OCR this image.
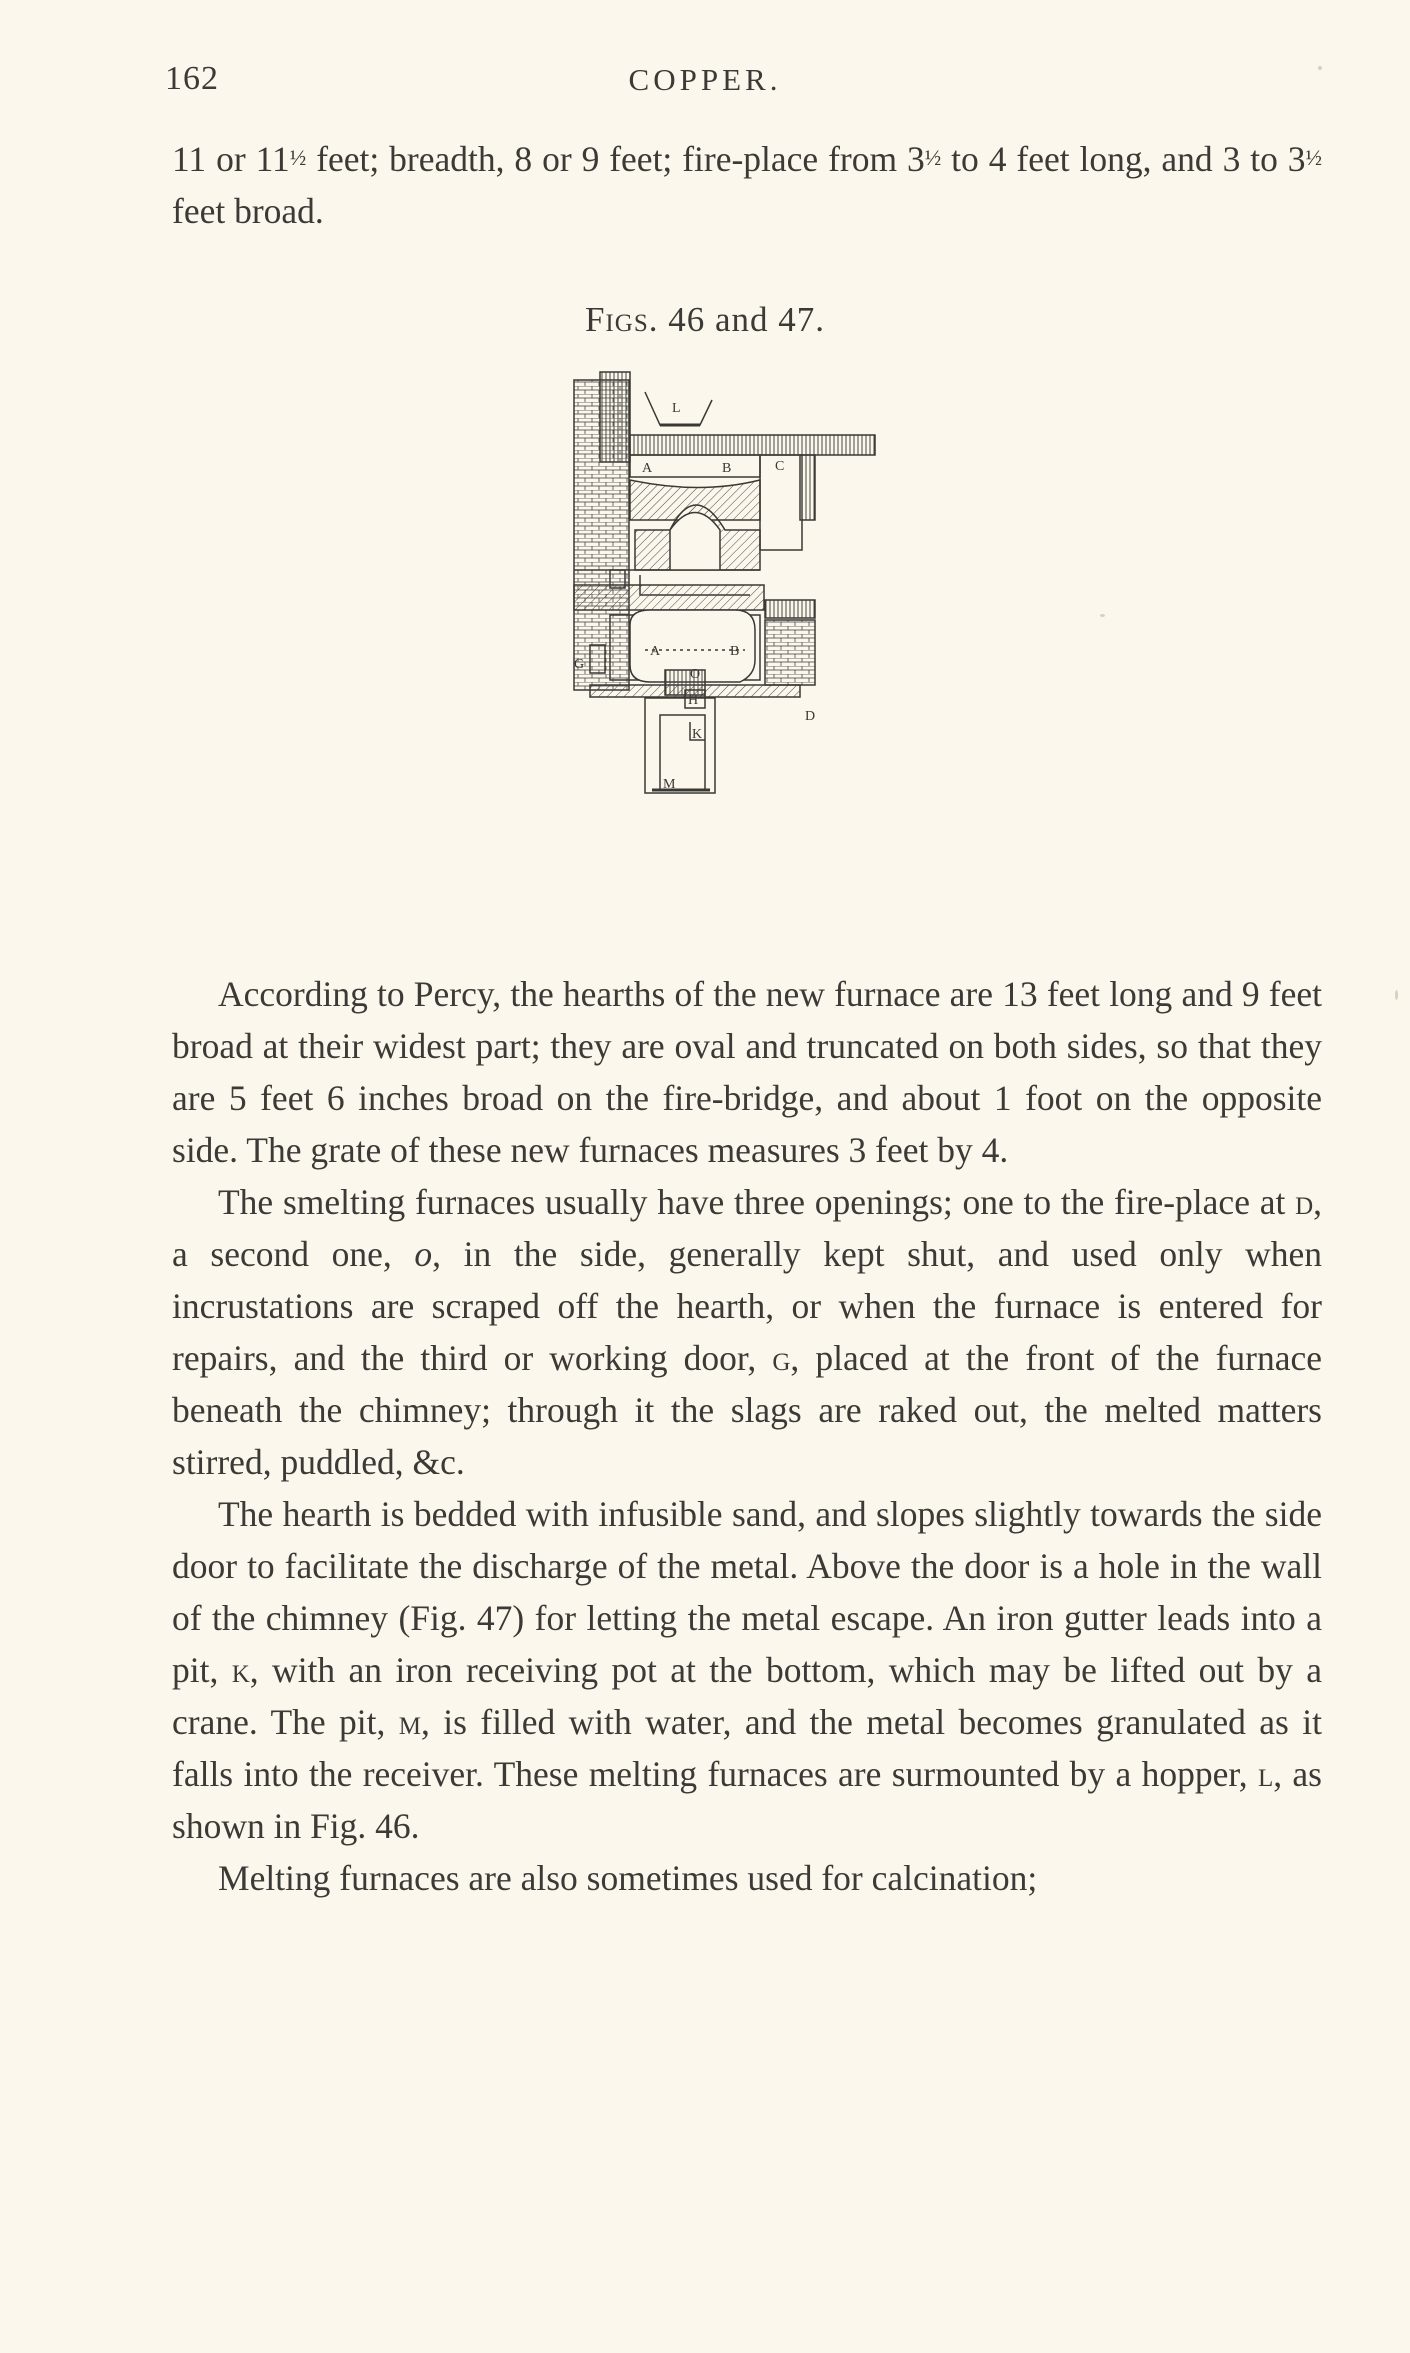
162	COPPER.

11 or 11½ feet; breadth, 8 or 9 feet; fire-place from 3½ to 4 feet long, and 3 to 3½ feet broad.

Figs. 46 and 47.
L
A	B	C
G
A	B
O
D
H
K
M

According to Percy, the hearths of the new furnace are 13 feet long and 9 feet broad at their widest part; they are oval and truncated on both sides, so that they are 5 feet 6 inches broad on the fire-bridge, and about 1 foot on the opposite side. The grate of these new furnaces measures 3 feet by 4.

The smelting furnaces usually have three openings; one to the fire-place at d, a second one, o, in the side, generally kept shut, and used only when incrustations are scraped off the hearth, or when the furnace is entered for repairs, and the third or working door, g, placed at the front of the furnace beneath the chimney; through it the slags are raked out, the melted matters stirred, puddled, &c.

The hearth is bedded with infusible sand, and slopes slightly towards the side door to facilitate the discharge of the metal. Above the door is a hole in the wall of the chimney (Fig. 47) for letting the metal escape. An iron gutter leads into a pit, k, with an iron receiving pot at the bottom, which may be lifted out by a crane. The pit, m, is filled with water, and the metal becomes granulated as it falls into the receiver. These melting furnaces are surmounted by a hopper, l, as shown in Fig. 46.

Melting furnaces are also sometimes used for calcination;
